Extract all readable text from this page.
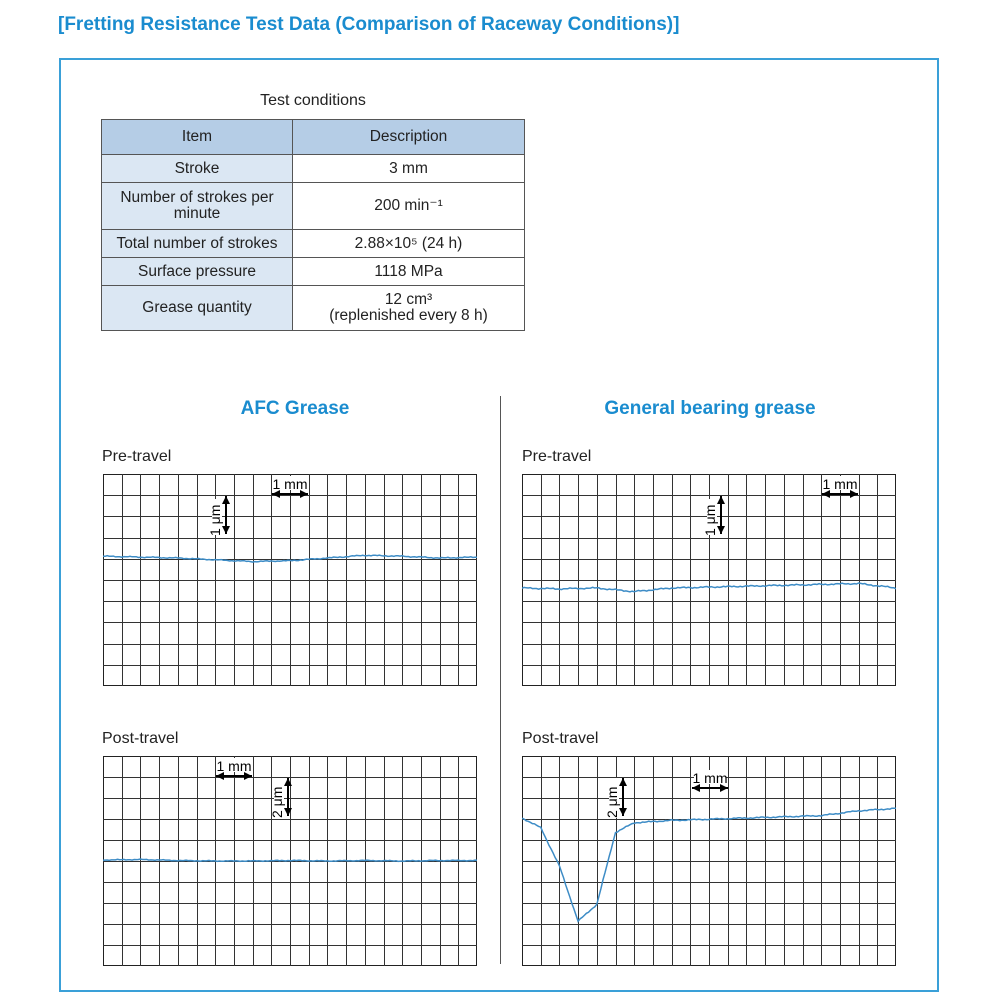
[Fretting Resistance Test Data (Comparison of Raceway Conditions)]
Test conditions
Item	Description
Stroke	3 mm
Number of strokes per minute	200 min⁻¹
Total number of strokes	2.88×10⁵ (24 h)
Surface pressure	1118 MPa
Grease quantity	12 cm³
(replenished every 8 h)
AFC Grease	General bearing grease
Pre-travel	Pre-travel
Post-travel	Post-travel
1 μm
1 mm
2 μm
1 mm
1 μm
1 mm
2 μm
1 mm
